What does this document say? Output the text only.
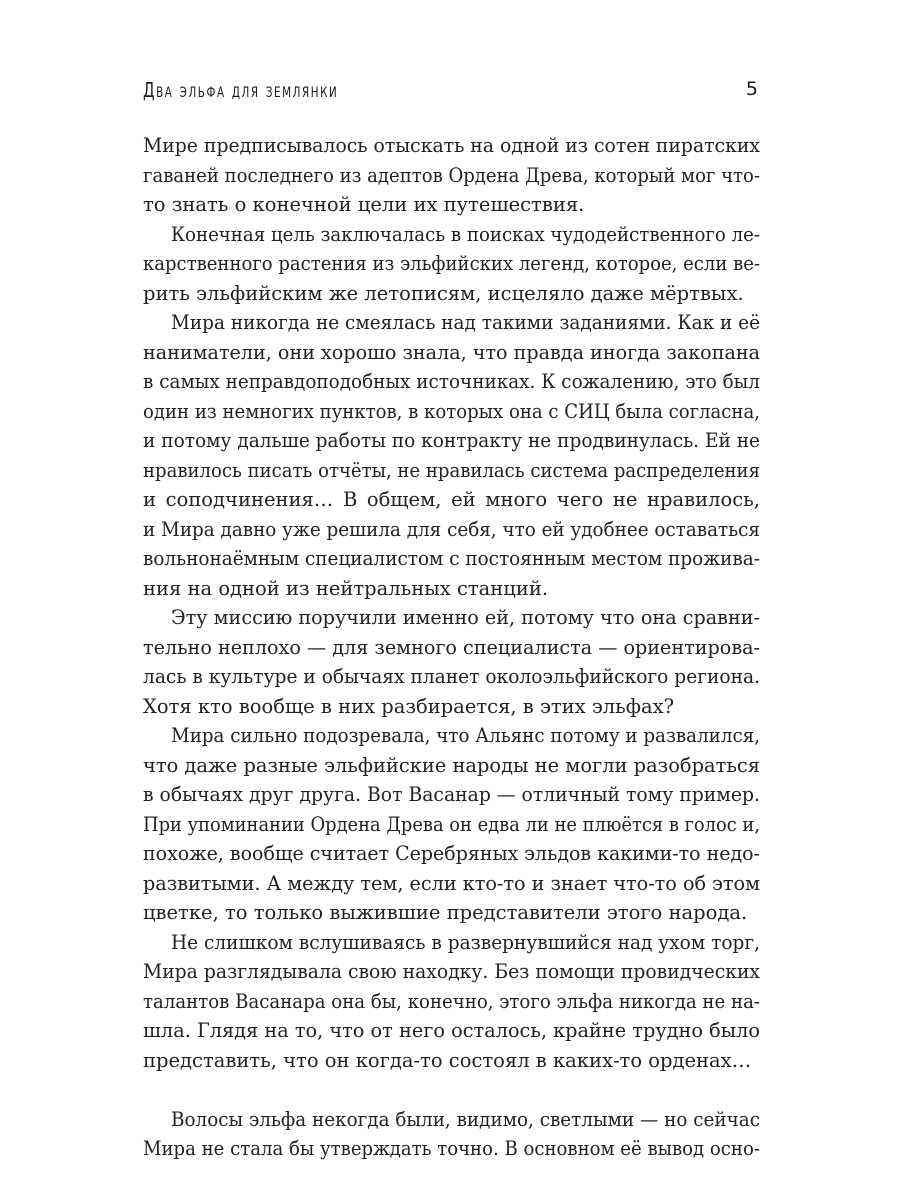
Два эльфа для землянки	5
Мире предписывалось отыскать на одной из сотен пиратских
гаваней последнего из адептов Ордена Древа, который мог что-
то знать о конечной цели их путешествия.
Конечная цель заключалась в поисках чудодейственного ле-
карственного растения из эльфийских легенд, которое, если ве-
рить эльфийским же летописям, исцеляло даже мёртвых.
Мира никогда не смеялась над такими заданиями. Как и её
наниматели, они хорошо знала, что правда иногда закопана
в самых неправдоподобных источниках. К сожалению, это был
один из немногих пунктов, в которых она с СИЦ была согласна,
и потому дальше работы по контракту не продвинулась. Ей не
нравилось писать отчёты, не нравилась система распределения
и соподчинения… В общем, ей много чего не нравилось,
и Мира давно уже решила для себя, что ей удобнее оставаться
вольнонаёмным специалистом с постоянным местом прожива-
ния на одной из нейтральных станций.
Эту миссию поручили именно ей, потому что она сравни-
тельно неплохо — для земного специалиста — ориентирова-
лась в культуре и обычаях планет околоэльфийского региона.
Хотя кто вообще в них разбирается, в этих эльфах?
Мира сильно подозревала, что Альянс потому и развалился,
что даже разные эльфийские народы не могли разобраться
в обычаях друг друга. Вот Васанар — отличный тому пример.
При упоминании Ордена Древа он едва ли не плюётся в голос и,
похоже, вообще считает Серебряных эльдов какими-то недо-
развитыми. А между тем, если кто-то и знает что-то об этом
цветке, то только выжившие представители этого народа.
Не слишком вслушиваясь в развернувшийся над ухом торг,
Мира разглядывала свою находку. Без помощи провидческих
талантов Васанара она бы, конечно, этого эльфа никогда не на-
шла. Глядя на то, что от него осталось, крайне трудно было
представить, что он когда-то состоял в каких-то орденах…
Волосы эльфа некогда были, видимо, светлыми — но сейчас
Мира не стала бы утверждать точно. В основном её вывод осно-
